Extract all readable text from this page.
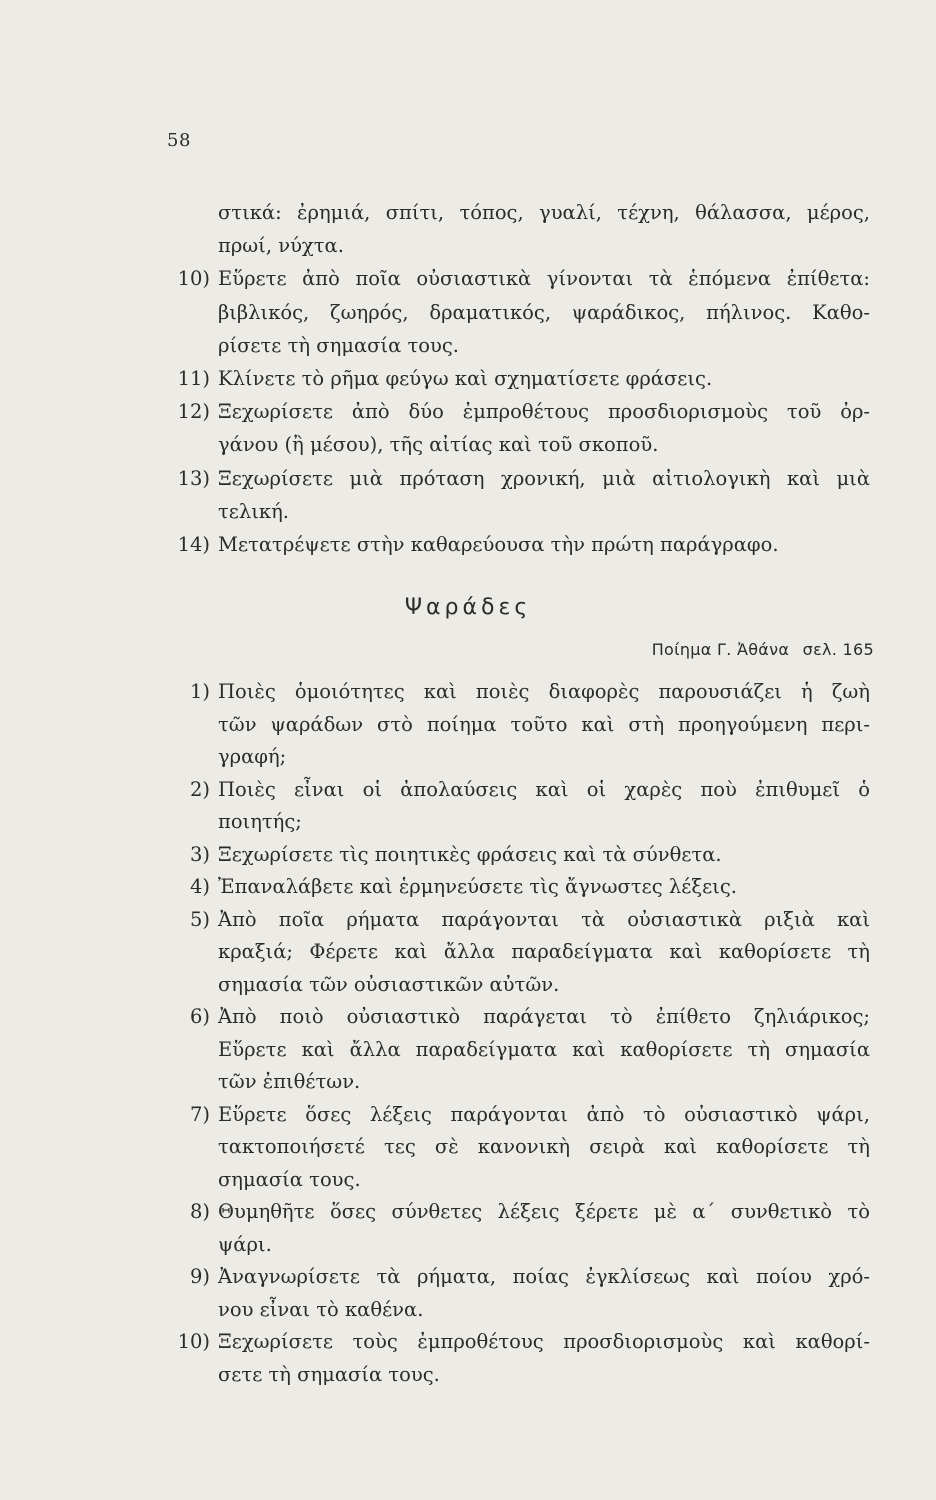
58
στικά: ἐρημιά, σπίτι, τόπος, γυαλί, τέχνη, θάλασσα, μέρος,
πρωί, νύχτα.
10) Εὕρετε ἀπὸ ποῖα οὐσιαστικὰ γίνονται τὰ ἑπόμενα ἐπίθετα:
βιβλικός, ζωηρός, δραματικός, ψαράδικος, πήλινος. Καθο-
ρίσετε τὴ σημασία τους.
11) Κλίνετε τὸ ρῆμα φεύγω καὶ σχηματίσετε φράσεις.
12) Ξεχωρίσετε ἀπὸ δύο ἐμπροθέτους προσδιορισμοὺς τοῦ ὀρ-
γάνου (ἢ μέσου), τῆς αἰτίας καὶ τοῦ σκοποῦ.
13) Ξεχωρίσετε μιὰ πρόταση χρονική, μιὰ αἰτιολογικὴ καὶ μιὰ
τελική.
14) Μετατρέψετε στὴν καθαρεύουσα τὴν πρώτη παράγραφο.
Ψαράδες
Ποίημα Γ. Ἀθάνα σελ. 165
1) Ποιὲς ὁμοιότητες καὶ ποιὲς διαφορὲς παρουσιάζει ἡ ζωὴ
τῶν ψαράδων στὸ ποίημα τοῦτο καὶ στὴ προηγούμενη περι-
γραφή;
2) Ποιὲς εἶναι οἱ ἀπολαύσεις καὶ οἱ χαρὲς ποὺ ἐπιθυμεῖ ὁ
ποιητής;
3) Ξεχωρίσετε τὶς ποιητικὲς φράσεις καὶ τὰ σύνθετα.
4) Ἐπαναλάβετε καὶ ἑρμηνεύσετε τὶς ἄγνωστες λέξεις.
5) Ἀπὸ ποῖα ρήματα παράγονται τὰ οὐσιαστικὰ ριξιὰ καὶ
κραξιά; Φέρετε καὶ ἄλλα παραδείγματα καὶ καθορίσετε τὴ
σημασία τῶν οὐσιαστικῶν αὐτῶν.
6) Ἀπὸ ποιὸ οὐσιαστικὸ παράγεται τὸ ἐπίθετο ζηλιάρικος;
Εὕρετε καὶ ἄλλα παραδείγματα καὶ καθορίσετε τὴ σημασία
τῶν ἐπιθέτων.
7) Εὕρετε ὅσες λέξεις παράγονται ἀπὸ τὸ οὐσιαστικὸ ψάρι,
τακτοποιήσετέ τες σὲ κανονικὴ σειρὰ καὶ καθορίσετε τὴ
σημασία τους.
8) Θυμηθῆτε ὅσες σύνθετες λέξεις ξέρετε μὲ α΄ συνθετικὸ τὸ
ψάρι.
9) Ἀναγνωρίσετε τὰ ρήματα, ποίας ἐγκλίσεως καὶ ποίου χρό-
νου εἶναι τὸ καθένα.
10) Ξεχωρίσετε τοὺς ἐμπροθέτους προσδιορισμοὺς καὶ καθορί-
σετε τὴ σημασία τους.
